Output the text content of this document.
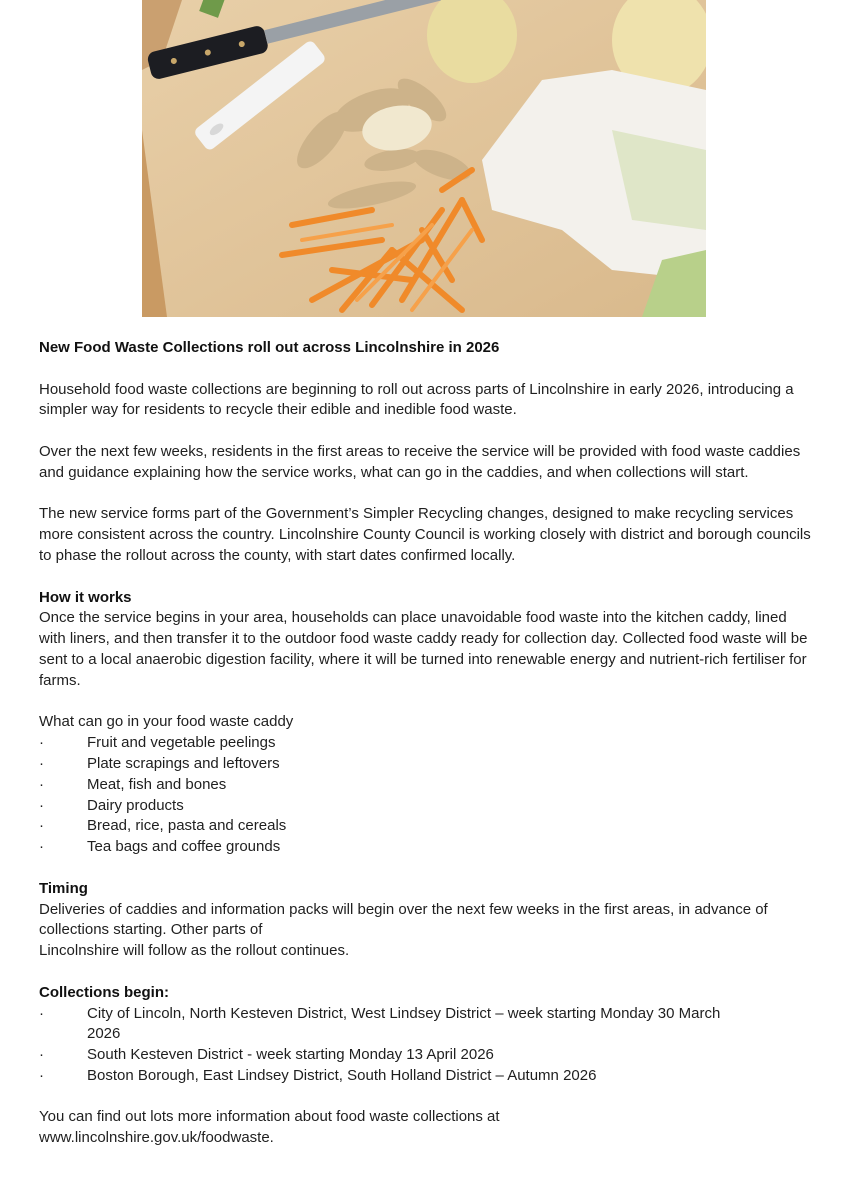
New Food Waste Collections roll out across Lincolnshire in 2026

Household food waste collections are beginning to roll out across parts of Lincolnshire in early 2026, introducing a simpler way for residents to recycle their edible and inedible food waste.

Over the next few weeks, residents in the first areas to receive the service will be provided with food waste caddies and guidance explaining how the service works, what can go in the caddies, and when collections will start.

The new service forms part of the Government’s Simpler Recycling changes, designed to make recycling services more consistent across the country. Lincolnshire County Council is working closely with district and borough councils to phase the rollout across the county, with start dates confirmed locally.

How it works

Once the service begins in your area, households can place unavoidable food waste into the kitchen caddy, lined with liners, and then transfer it to the outdoor food waste caddy ready for collection day. Collected food waste will be sent to a local anaerobic digestion facility, where it will be turned into renewable energy and nutrient-rich fertiliser for farms.

What can go in your food waste caddy

·	Fruit and vegetable peelings
·	Plate scrapings and leftovers
·	Meat, fish and bones
·	Dairy products
·	Bread, rice, pasta and cereals
·	Tea bags and coffee grounds

Timing

Deliveries of caddies and information packs will begin over the next few weeks in the first areas, in advance of collections starting. Other parts of

Lincolnshire will follow as the rollout continues.

Collections begin:

·	City of Lincoln, North Kesteven District, West Lindsey District – week starting Monday 30 March 2026
·	South Kesteven District - week starting Monday 13 April 2026
·	Boston Borough, East Lindsey District, South Holland District – Autumn 2026

You can find out lots more information about food waste collections at

www.lincolnshire.gov.uk/foodwaste.
